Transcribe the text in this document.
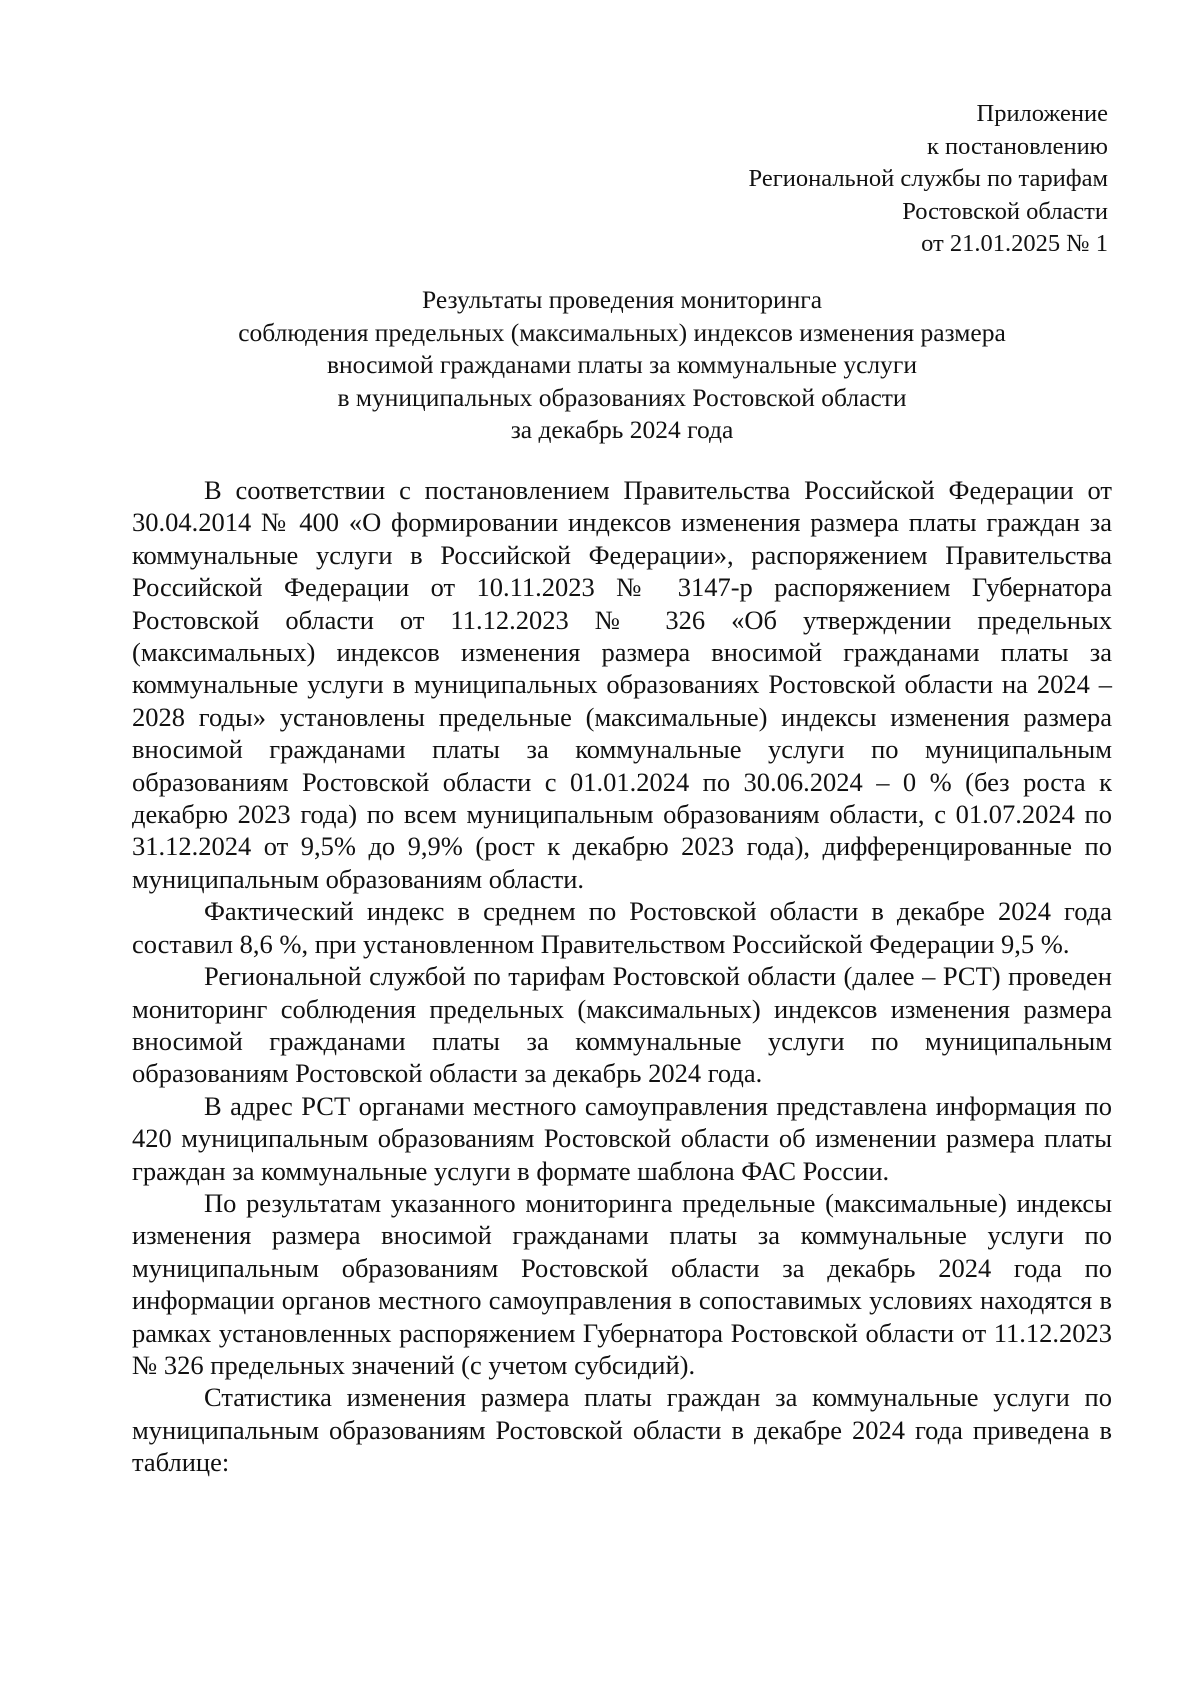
Приложение
к постановлению
Региональной службы по тарифам
Ростовской области
от 21.01.2025 № 1
Результаты проведения мониторинга
соблюдения предельных (максимальных) индексов изменения размера
вносимой гражданами платы за коммунальные услуги
в муниципальных образованиях Ростовской области
за декабрь 2024 года

В соответствии с постановлением Правительства Российской Федерации от 30.04.2014 № 400 «О формировании индексов изменения размера платы граждан за коммунальные услуги в Российской Федерации», распоряжением Правительства Российской Федерации от 10.11.2023 № 3147-р распоряжением Губернатора Ростовской области от 11.12.2023 № 326 «Об утверждении предельных (максимальных) индексов изменения размера вносимой гражданами платы за коммунальные услуги в муниципальных образованиях Ростовской области на 2024 – 2028 годы» установлены предельные (максимальные) индексы изменения размера вносимой гражданами платы за коммунальные услуги по муниципальным образованиям Ростовской области с 01.01.2024 по 30.06.2024 – 0 % (без роста к декабрю 2023 года) по всем муниципальным образованиям области, с 01.07.2024 по 31.12.2024 от 9,5% до 9,9% (рост к декабрю 2023 года), дифференцированные по муниципальным образованиям области.

Фактический индекс в среднем по Ростовской области в декабре 2024 года составил 8,6 %, при установленном Правительством Российской Федерации 9,5 %.

Региональной службой по тарифам Ростовской области (далее – РСТ) проведен мониторинг соблюдения предельных (максимальных) индексов изменения размера вносимой гражданами платы за коммунальные услуги по муниципальным образованиям Ростовской области за декабрь 2024 года.

В адрес РСТ органами местного самоуправления представлена информация по 420 муниципальным образованиям Ростовской области об изменении размера платы граждан за коммунальные услуги в формате шаблона ФАС России.

По результатам указанного мониторинга предельные (максимальные) индексы изменения размера вносимой гражданами платы за коммунальные услуги по муниципальным образованиям Ростовской области за декабрь 2024 года по информации органов местного самоуправления в сопоставимых условиях находятся в рамках установленных распоряжением Губернатора Ростовской области от 11.12.2023 № 326 предельных значений (с учетом субсидий).

Статистика изменения размера платы граждан за коммунальные услуги по муниципальным образованиям Ростовской области в декабре 2024 года приведена в таблице:
